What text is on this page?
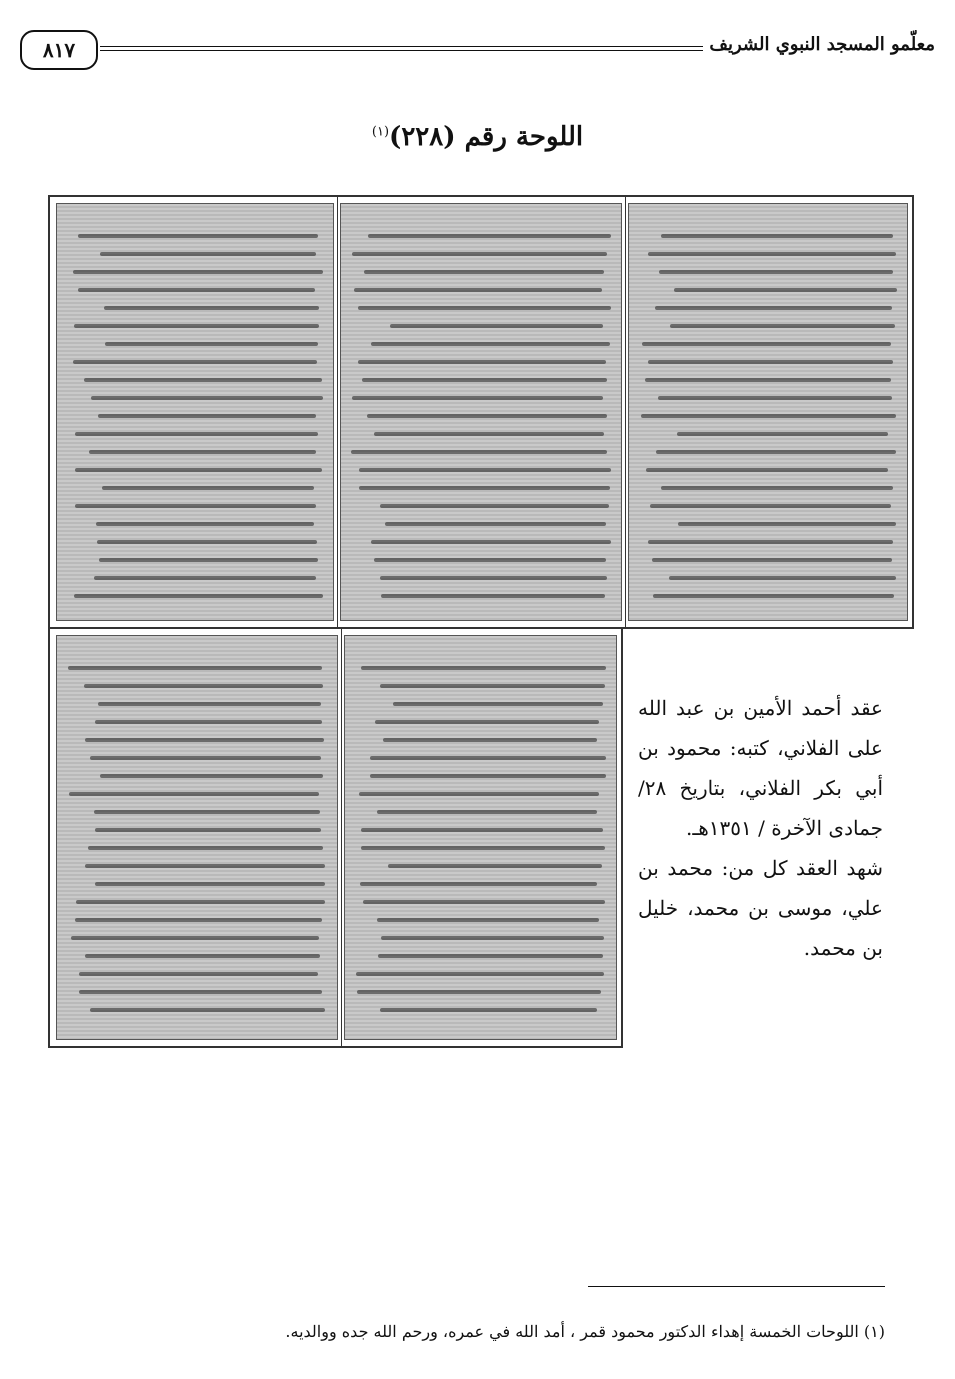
٨١٧	معلّمو المسجد النبوي الشريف
اللوحة رقم (٢٢٨)$^{(١)}$

عقد أحمد الأمين بن عبد الله على الفلاني، كتبه: محمود بن أبي بكر الفلاني، بتاريخ ٢٨/ جمادى الآخرة / ١٣٥١هـ.

شهد العقد كل من: محمد بن علي، موسى بن محمد، خليل بن محمد.

(١) اللوحات الخمسة إهداء الدكتور محمود قمر ، أمد الله في عمره، ورحم الله جده ووالديه.
